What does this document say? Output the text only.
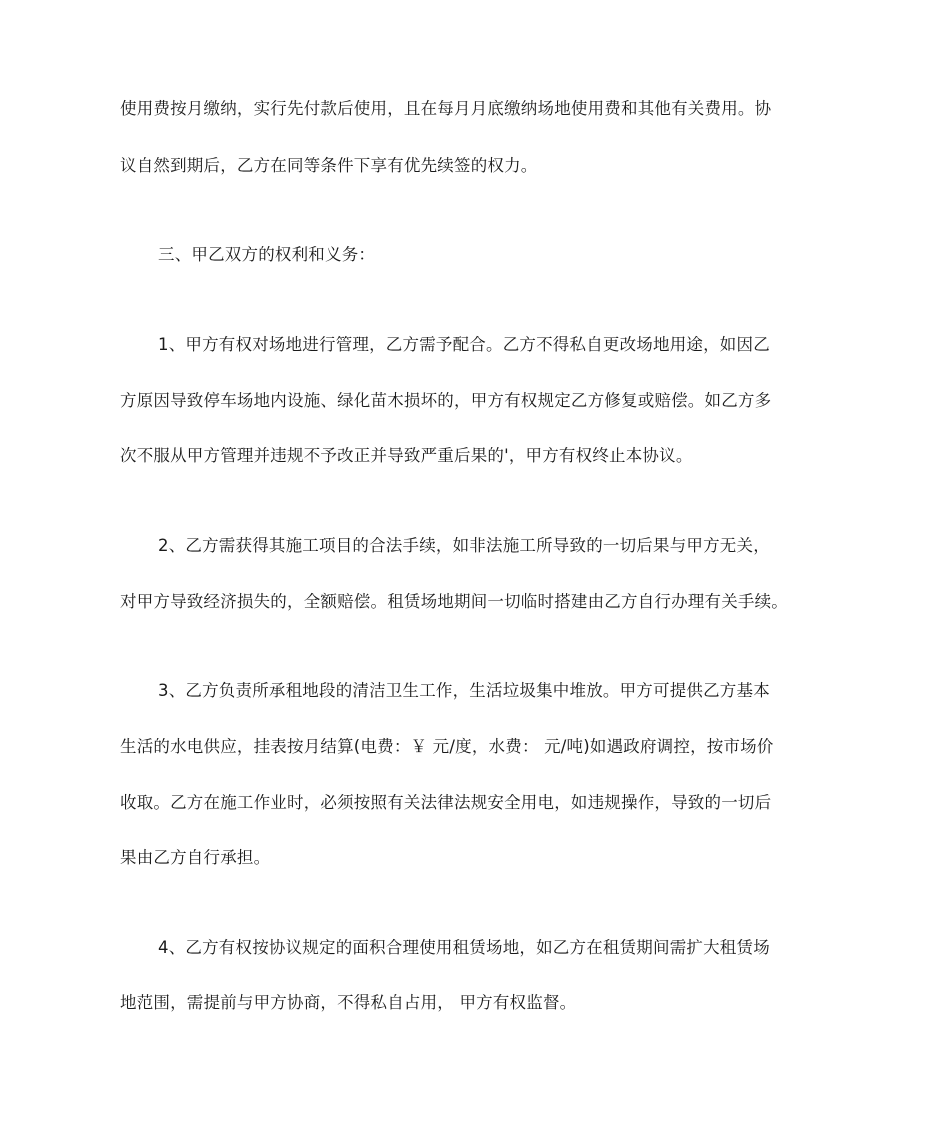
使用费按月缴纳，实行先付款后使用，且在每月月底缴纳场地使用费和其他有关费用。协

议自然到期后，乙方在同等条件下享有优先续签的权力。

三、甲乙双方的权利和义务：

1、甲方有权对场地进行管理，乙方需予配合。乙方不得私自更改场地用途，如因乙

方原因导致停车场地内设施、绿化苗木损坏的，甲方有权规定乙方修复或赔偿。如乙方多

次不服从甲方管理并违规不予改正并导致严重后果的'，甲方有权终止本协议。

2、乙方需获得其施工项目的合法手续，如非法施工所导致的一切后果与甲方无关，

对甲方导致经济损失的，全额赔偿。租赁场地期间一切临时搭建由乙方自行办理有关手续。

3、乙方负责所承租地段的清洁卫生工作，生活垃圾集中堆放。甲方可提供乙方基本

生活的水电供应，挂表按月结算(电费：￥ 元/度，水费： 元/吨)如遇政府调控，按市场价

收取。乙方在施工作业时，必须按照有关法律法规安全用电，如违规操作，导致的一切后

果由乙方自行承担。

4、乙方有权按协议规定的面积合理使用租赁场地，如乙方在租赁期间需扩大租赁场

地范围，需提前与甲方协商，不得私自占用， 甲方有权监督。
